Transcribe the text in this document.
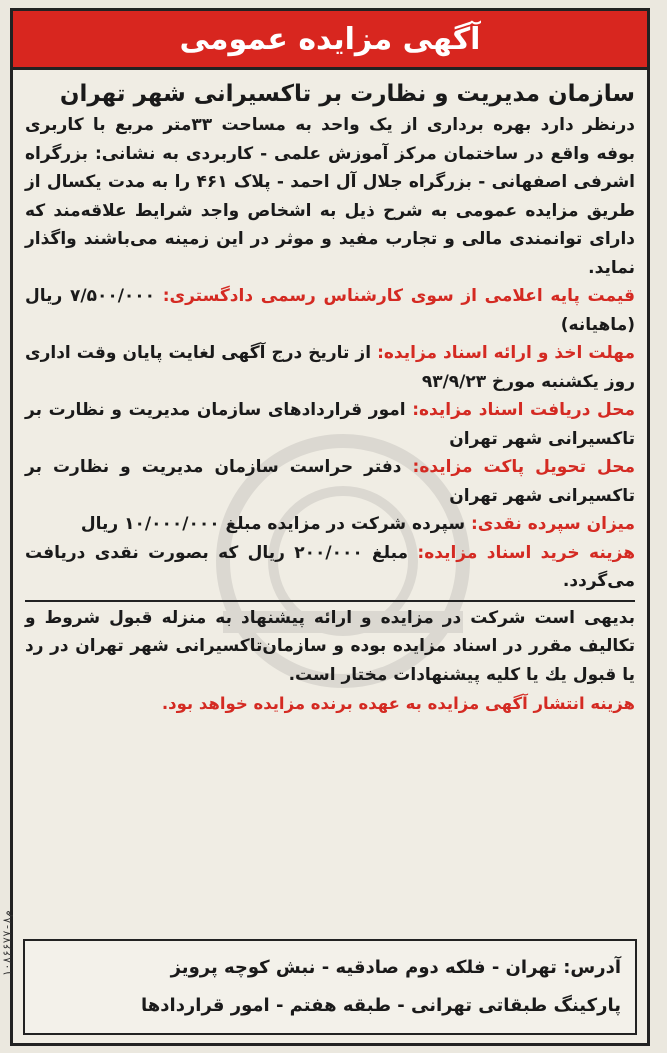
آگهی مزایده عمومی
سازمان مدیریت و نظارت بر تاکسیرانی شهر تهران
درنظر دارد بهره برداری از یک واحد به مساحت ۳۳متر مربع با کاربری بوفه واقع در ساختمان مرکز آموزش علمی - کاربردی به نشانی: بزرگراه اشرفی اصفهانی - بزرگراه جلال آل احمد - پلاک ۴۶۱ را به مدت یکسال از طریق مزایده عمومی به شرح ذیل به اشخاص واجد شرایط علاقه‌مند که دارای توانمندی مالی و تجارب مفید و موثر در این زمینه می‌باشند واگذار نماید.
قیمت پایه اعلامی از سوی کارشناس رسمی دادگستری: ۷/۵۰۰/۰۰۰ ریال (ماهیانه)
مهلت اخذ و ارائه اسناد مزایده: از تاریخ درج آگهی لغایت پایان وقت اداری روز یکشنبه مورخ ۹۳/۹/۲۳
محل دریافت اسناد مزایده: امور قراردادهای سازمان مدیریت و نظارت بر تاکسیرانی شهر تهران
محل تحویل پاکت مزایده: دفتر حراست سازمان مدیریت و نظارت بر تاکسیرانی شهر تهران
میزان سپرده نقدی: سپرده شرکت در مزایده مبلغ ۱۰/۰۰۰/۰۰۰ ریال
هزینه خرید اسناد مزایده: مبلغ ۲۰۰/۰۰۰ ریال که بصورت نقدی دریافت می‌گردد.
بدیهی است شرکت در مزایده و ارائه پیشنهاد به منزله قبول شروط و تکالیف مقرر در اسناد مزایده بوده و سازمان‌تاکسیرانی شهر تهران در رد یا قبول یك یا کلیه پیشنهادات مختار است.
هزینه انتشار آگهی مزایده به عهده برنده مزایده خواهد بود.
آدرس: تهران - فلکه دوم صادقیه - نبش کوچه پرویز
پارکینگ طبقاتی تهرانی - طبقه هفتم - امور قراردادها
۱۰۸۶۶۷۷-۸م
